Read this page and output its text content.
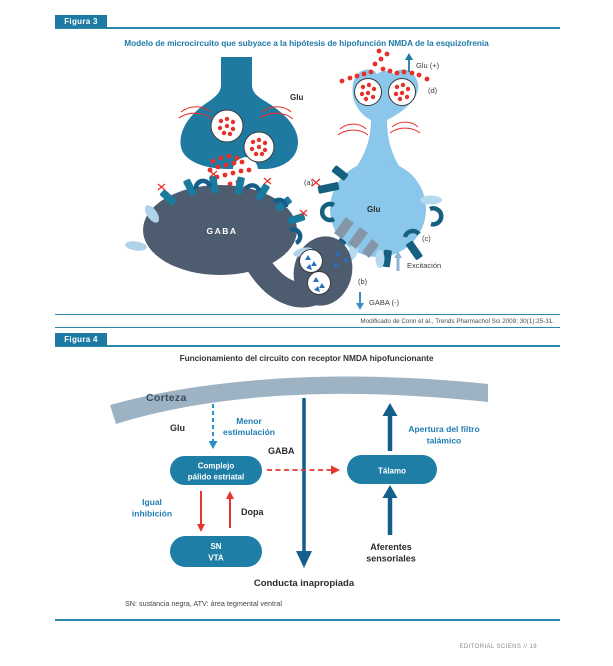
Figura 3
Modelo de microcircuito que subyace a la hipótesis de hipofunción NMDA de la esquizofrenia
Glu
(a)
Glu
GABA
Glu (+)
(d)
(c)
Excitación
(b)
GABA (-)
Modificado de Conn et al., Trends Pharmachol Sci 2009; 30(1):25-31.
Figura 4
Funcionamiento del circuito con receptor NMDA hipofuncionante
Corteza
Glu
Menor
estimulación
GABA
Conducta inapropiada
Complejo
pálido estriatal
Tálamo
Dopa
Igual
inhibición
SN
VTA
Apertura del filtro
talámico
Aferentes
sensoriales
SN: sustancia negra, ATV: área tegmental ventral
EDITORIAL SCIENS // 19
